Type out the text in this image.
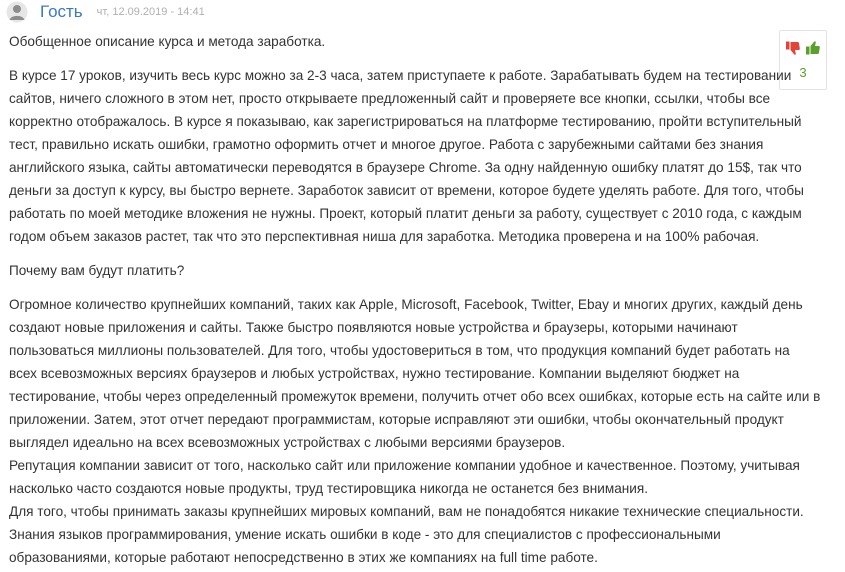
Гость чт, 12.09.2019 - 14:41
3

Обобщенное описание курса и метода заработка.

В курсе 17 уроков, изучить весь курс можно за 2-3 часа, затем приступаете к работе. Зарабатывать будем на тестировании сайтов, ничего сложного в этом нет, просто открываете предложенный сайт и проверяете все кнопки, ссылки, чтобы все корректно отображалось. В курсе я показываю, как зарегистрироваться на платформе тестированию, пройти вступительный тест, правильно искать ошибки, грамотно оформить отчет и многое другое. Работа с зарубежными сайтами без знания английского языка, сайты автоматически переводятся в браузере Chrome. За одну найденную ошибку платят до 15$, так что деньги за доступ к курсу, вы быстро вернете. Заработок зависит от времени, которое будете уделять работе. Для того, чтобы работать по моей методике вложения не нужны. Проект, который платит деньги за работу, существует с 2010 года, с каждым годом объем заказов растет, так что это перспективная ниша для заработка. Методика проверена и на 100% рабочая.

Почему вам будут платить?

Огромное количество крупнейших компаний, таких как Apple, Microsoft, Facebook, Twitter, Ebay и многих других, каждый день создают новые приложения и сайты. Также быстро появляются новые устройства и браузеры, которыми начинают пользоваться миллионы пользователей. Для того, чтобы удостовериться в том, что продукция компаний будет работать на всех всевозможных версиях браузеров и любых устройствах, нужно тестирование. Компании выделяют бюджет на тестирование, чтобы через определенный промежуток времени, получить отчет обо всех ошибках, которые есть на сайте или в приложении. Затем, этот отчет передают программистам, которые исправляют эти ошибки, чтобы окончательный продукт выглядел идеально на всех всевозможных устройствах с любыми версиями браузеров.

Репутация компании зависит от того, насколько сайт или приложение компании удобное и качественное. Поэтому, учитывая насколько часто создаются новые продукты, труд тестировщика никогда не останется без внимания.

Для того, чтобы принимать заказы крупнейших мировых компаний, вам не понадобятся никакие технические специальности. Знания языков программирования, умение искать ошибки в коде - это для специалистов с профессиональными образованиями, которые работают непосредственно в этих же компаниях на full time работе.
